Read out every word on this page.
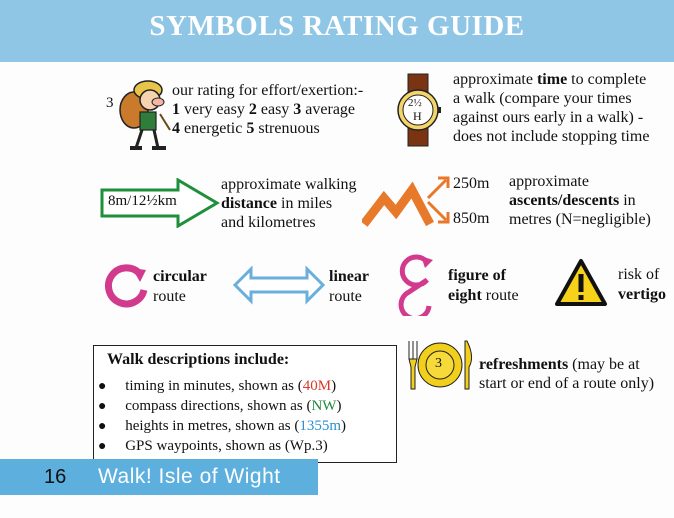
SYMBOLS RATING GUIDE
3
our rating for effort/exertion:-
1 very easy 2 easy 3 average
4 energetic 5 strenuous
2½
H
approximate time to complete
a walk (compare your times
against ours early in a walk) -
does not include stopping time
8m/12½km
approximate walking
distance in miles
and kilometres
250m
850m
approximate
ascents/descents in
metres (N=negligible)
circular
route
linear
route
figure of
eight route
risk of
vertigo
3 refreshments (may be at
start or end of a route only)
Walk descriptions include:
● timing in minutes, shown as (40M)
● compass directions, shown as (NW)
● heights in metres, shown as (1355m)
● GPS waypoints, shown as (Wp.3)
16 Walk! Isle of Wight
